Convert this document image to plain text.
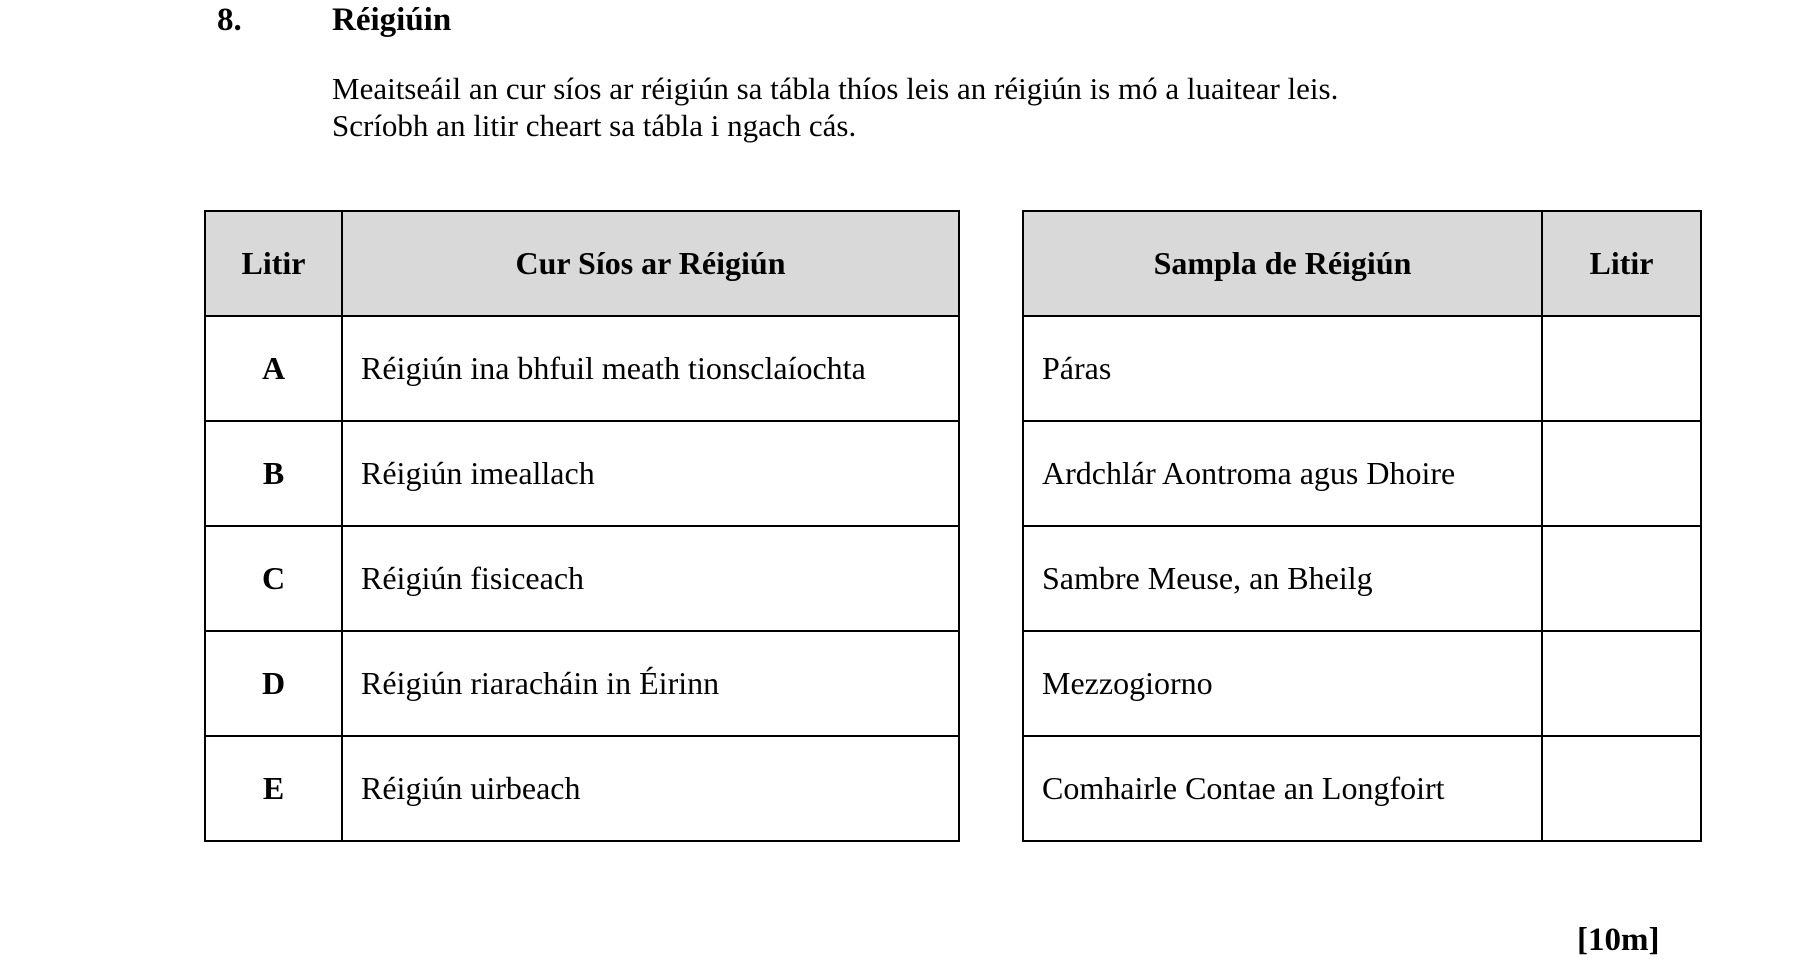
8.	Réigiúin
Meaitseáil an cur síos ar réigiún sa tábla thíos leis an réigiún is mó a luaitear leis.
Scríobh an litir cheart sa tábla i ngach cás.
Litir	Cur Síos ar Réigiún
A	Réigiún ina bhfuil meath tionsclaíochta
B	Réigiún imeallach
C	Réigiún fisiceach
D	Réigiún riaracháin in Éirinn
E	Réigiún uirbeach
Sampla de Réigiún	Litir
Páras	
Ardchlár Aontroma agus Dhoire	
Sambre Meuse, an Bheilg	
Mezzogiorno	
Comhairle Contae an Longfoirt	
[10m]
